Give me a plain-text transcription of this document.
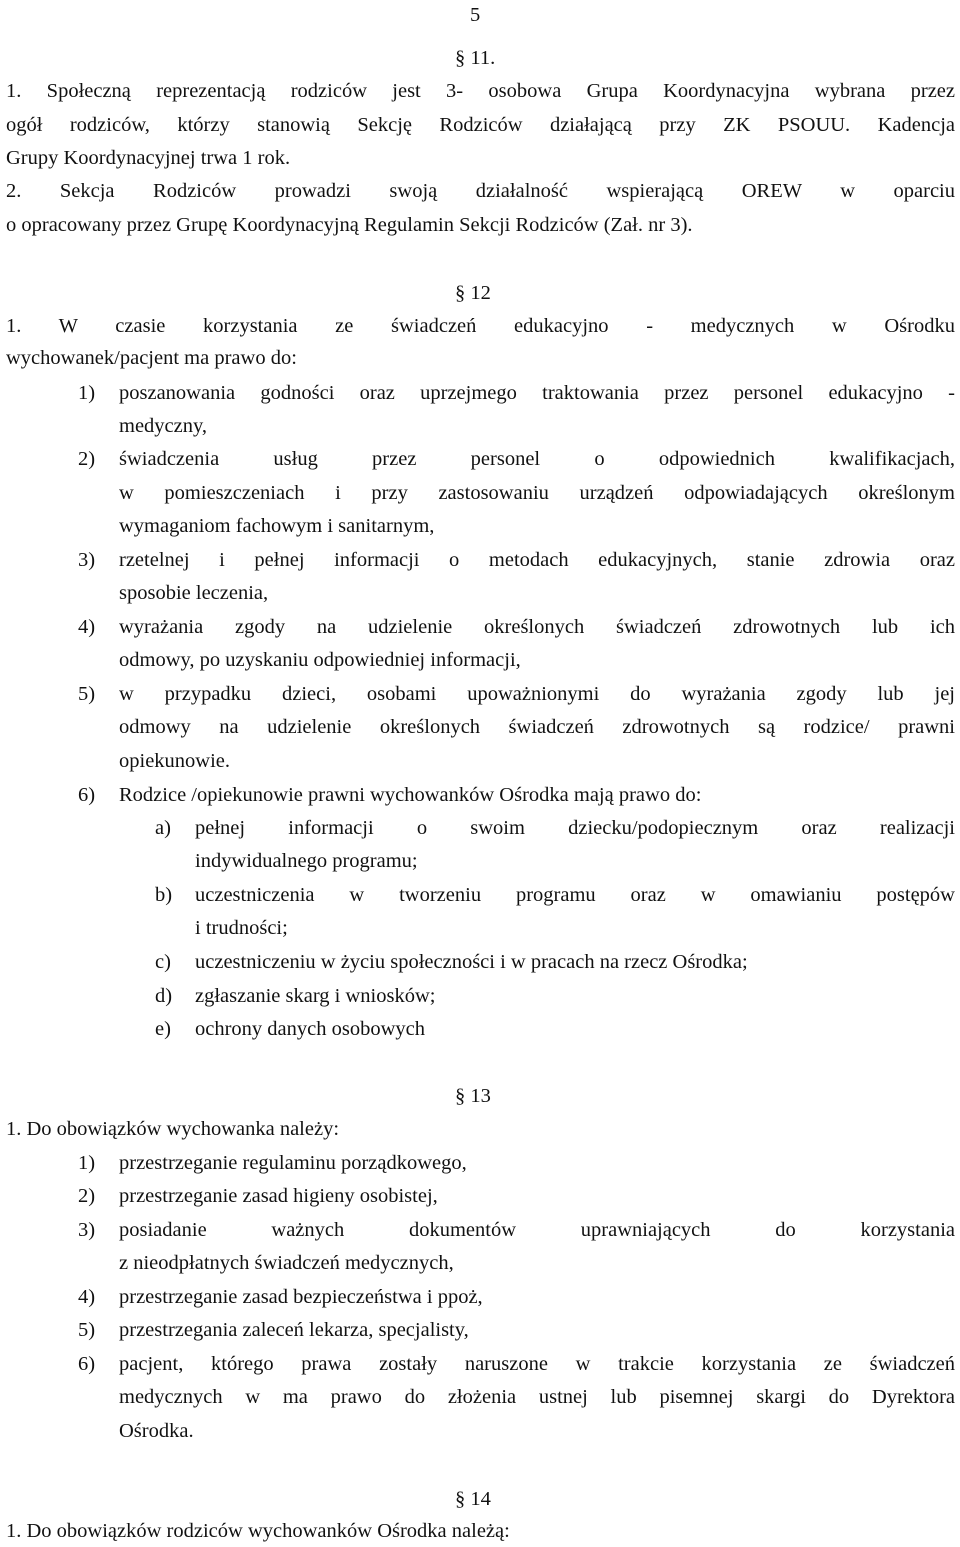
5
§ 11.
1. Społeczną reprezentacją rodziców jest 3- osobowa Grupa Koordynacyjna wybrana przez
ogół rodziców, którzy stanowią Sekcję Rodziców działającą przy ZK PSOUU. Kadencja
Grupy Koordynacyjnej trwa 1 rok.
2. Sekcja Rodziców prowadzi swoją działalność wspierającą OREW w oparciu
o opracowany przez Grupę Koordynacyjną Regulamin Sekcji Rodziców (Zał. nr 3).
§ 12
1. W czasie korzystania ze świadczeń edukacyjno - medycznych w Ośrodku
wychowanek/pacjent ma prawo do:
1) poszanowania godności oraz uprzejmego traktowania przez personel edukacyjno -
medyczny,
2) świadczenia usług przez personel o odpowiednich kwalifikacjach,
w pomieszczeniach i przy zastosowaniu urządzeń odpowiadających określonym
wymaganiom fachowym i sanitarnym,
3) rzetelnej i pełnej informacji o metodach edukacyjnych, stanie zdrowia oraz
sposobie leczenia,
4) wyrażania zgody na udzielenie określonych świadczeń zdrowotnych lub ich
odmowy, po uzyskaniu odpowiedniej informacji,
5) w przypadku dzieci, osobami upoważnionymi do wyrażania zgody lub jej
odmowy na udzielenie określonych świadczeń zdrowotnych są rodzice/ prawni
opiekunowie.
6) Rodzice /opiekunowie prawni wychowanków Ośrodka mają prawo do:
a) pełnej informacji o swoim dziecku/podopiecznym oraz realizacji
indywidualnego programu;
b) uczestniczenia w tworzeniu programu oraz w omawianiu postępów
i trudności;
c) uczestniczeniu w życiu społeczności i w pracach na rzecz Ośrodka;
d) zgłaszanie skarg i wniosków;
e) ochrony danych osobowych
§ 13
1. Do obowiązków wychowanka należy:
1) przestrzeganie regulaminu porządkowego,
2) przestrzeganie zasad higieny osobistej,
3) posiadanie ważnych dokumentów uprawniających do korzystania
z nieodpłatnych świadczeń medycznych,
4) przestrzeganie zasad bezpieczeństwa i ppoż,
5) przestrzegania zaleceń lekarza, specjalisty,
6) pacjent, którego prawa zostały naruszone w trakcie korzystania ze świadczeń
medycznych w ma prawo do złożenia ustnej lub pisemnej skargi do Dyrektora
Ośrodka.
§ 14
1. Do obowiązków rodziców wychowanków Ośrodka należą:
